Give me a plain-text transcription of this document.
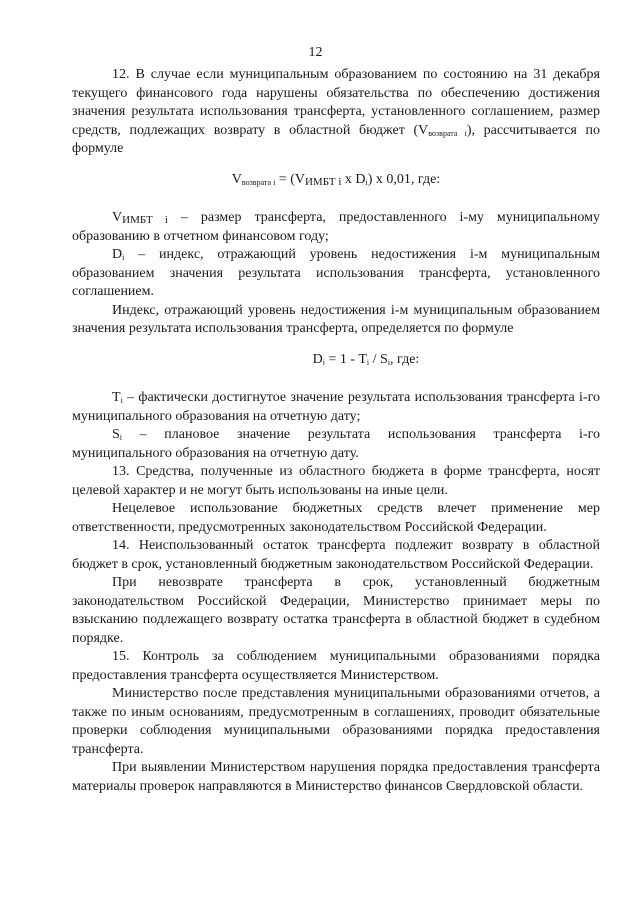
12

12. В случае если муниципальным образованием по состоянию на 31 декабря текущего финансового года нарушены обязательства по обеспечению достижения значения результата использования трансферта, установленного соглашением, размер средств, подлежащих возврату в областной бюджет $(V_{возврата i})$, рассчитывается по формуле

$V_{возврата i} = (V_{ИМБТ i}$ x $D_i$) x 0,01, где:

$V_{ИМБТ i}$ – размер трансферта, предоставленного i-му муниципальному образованию в отчетном финансовом году;

$D_i$ – индекс, отражающий уровень недостижения i-м муниципальным образованием значения результата использования трансферта, установленного соглашением.

Индекс, отражающий уровень недостижения i-м муниципальным образованием значения результата использования трансферта, определяется по формуле

$D_i = 1 - T_i / S_i$, где:

$T_i$ – фактически достигнутое значение результата использования трансферта i-го муниципального образования на отчетную дату;

$S_i$ – плановое значение результата использования трансферта i-го муниципального образования на отчетную дату.

13. Средства, полученные из областного бюджета в форме трансферта, носят целевой характер и не могут быть использованы на иные цели.

Нецелевое использование бюджетных средств влечет применение мер ответственности, предусмотренных законодательством Российской Федерации.

14. Неиспользованный остаток трансферта подлежит возврату в областной бюджет в срок, установленный бюджетным законодательством Российской Федерации.

При невозврате трансферта в срок, установленный бюджетным законодательством Российской Федерации, Министерство принимает меры по взысканию подлежащего возврату остатка трансферта в областной бюджет в судебном порядке.

15. Контроль за соблюдением муниципальными образованиями порядка предоставления трансферта осуществляется Министерством.

Министерство после представления муниципальными образованиями отчетов, а также по иным основаниям, предусмотренным в соглашениях, проводит обязательные проверки соблюдения муниципальными образованиями порядка предоставления трансферта.

При выявлении Министерством нарушения порядка предоставления трансферта материалы проверок направляются в Министерство финансов Свердловской области.
